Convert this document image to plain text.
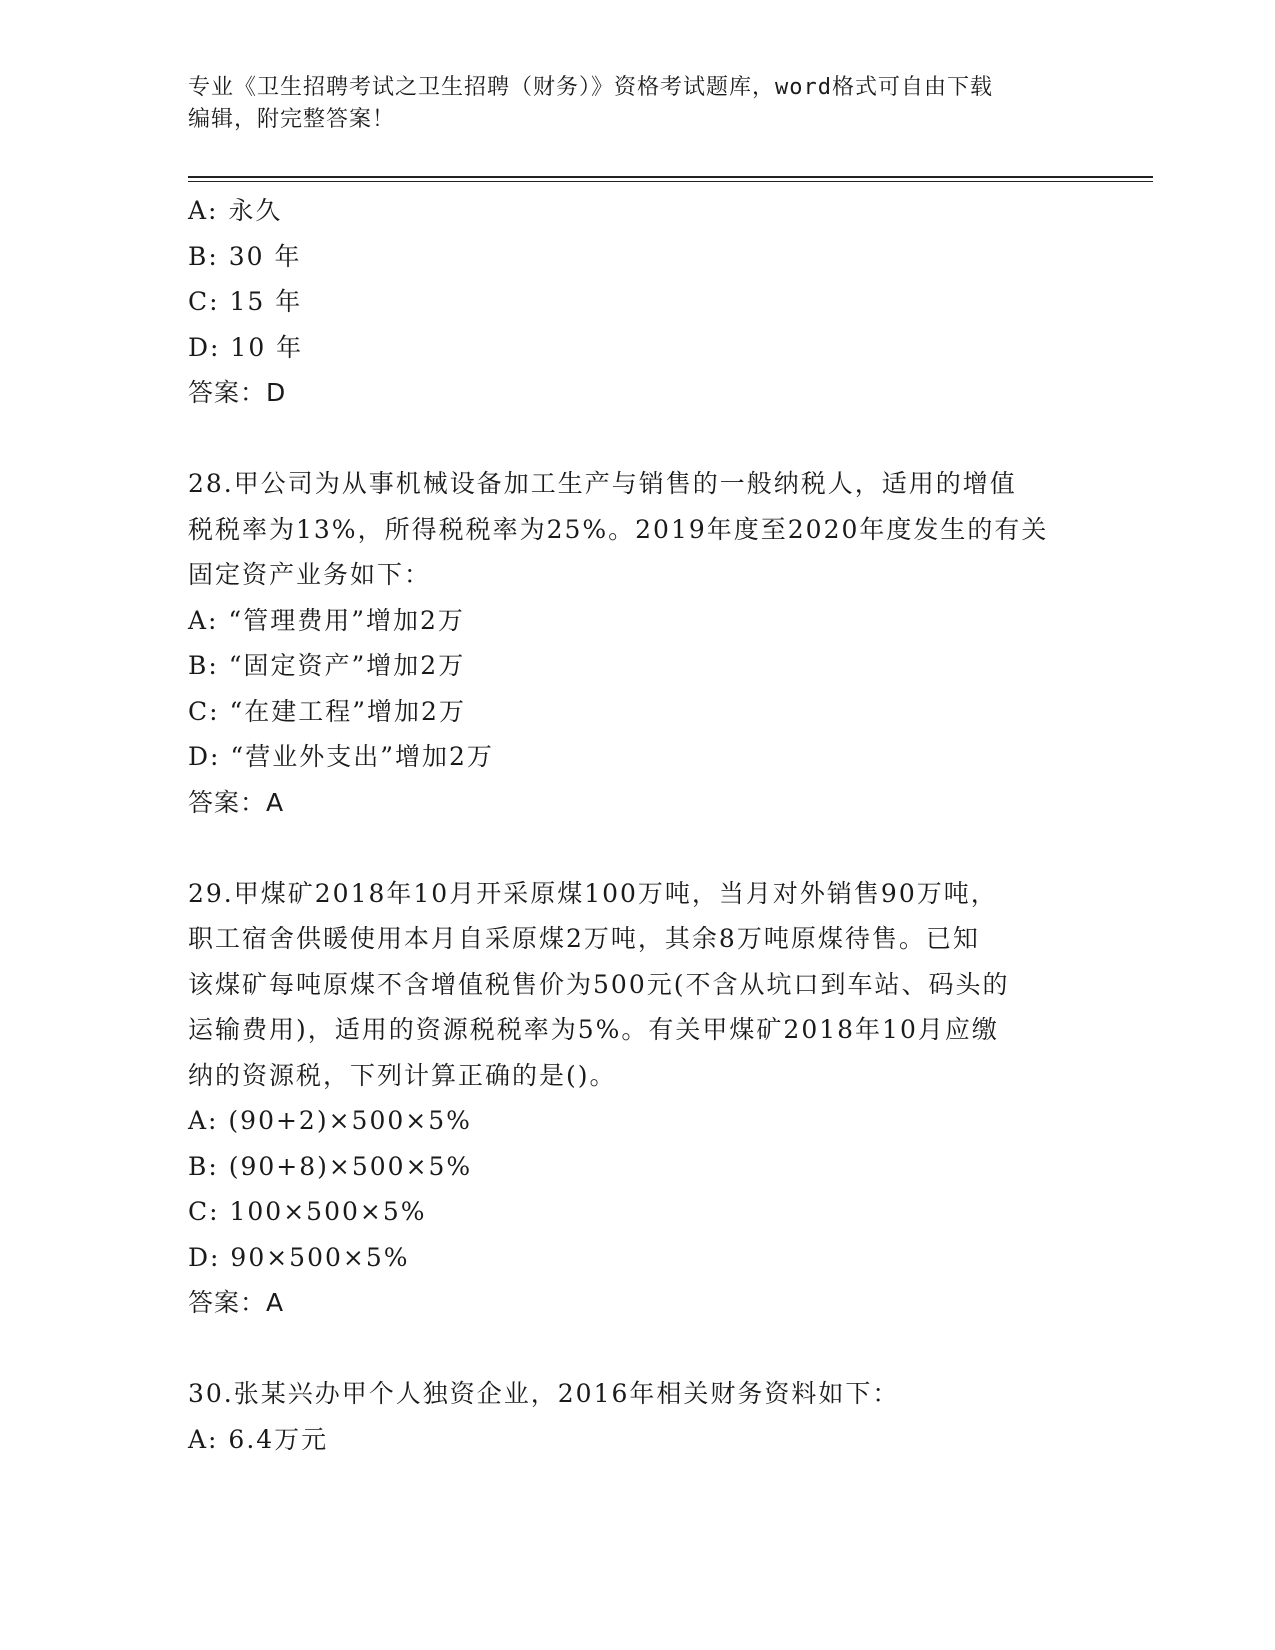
专业《卫生招聘考试之卫生招聘（财务）》资格考试题库，word格式可自由下载
编辑，附完整答案！
A: 永久
B: 30 年
C: 15 年
D: 10 年
答案：D
28.甲公司为从事机械设备加工生产与销售的一般纳税人，适用的增值
税税率为13%，所得税税率为25%。2019年度至2020年度发生的有关
固定资产业务如下：
A: “管理费用”增加2万
B: “固定资产”增加2万
C: “在建工程”增加2万
D: “营业外支出”增加2万
答案：A
29.甲煤矿2018年10月开采原煤100万吨，当月对外销售90万吨，
职工宿舍供暖使用本月自采原煤2万吨，其余8万吨原煤待售。已知
该煤矿每吨原煤不含增值税售价为500元(不含从坑口到车站、码头的
运输费用)，适用的资源税税率为5%。有关甲煤矿2018年10月应缴
纳的资源税，下列计算正确的是()。
A: (90+2)×500×5%
B: (90+8)×500×5%
C: 100×500×5%
D: 90×500×5%
答案：A
30.张某兴办甲个人独资企业，2016年相关财务资料如下：
A: 6.4万元
